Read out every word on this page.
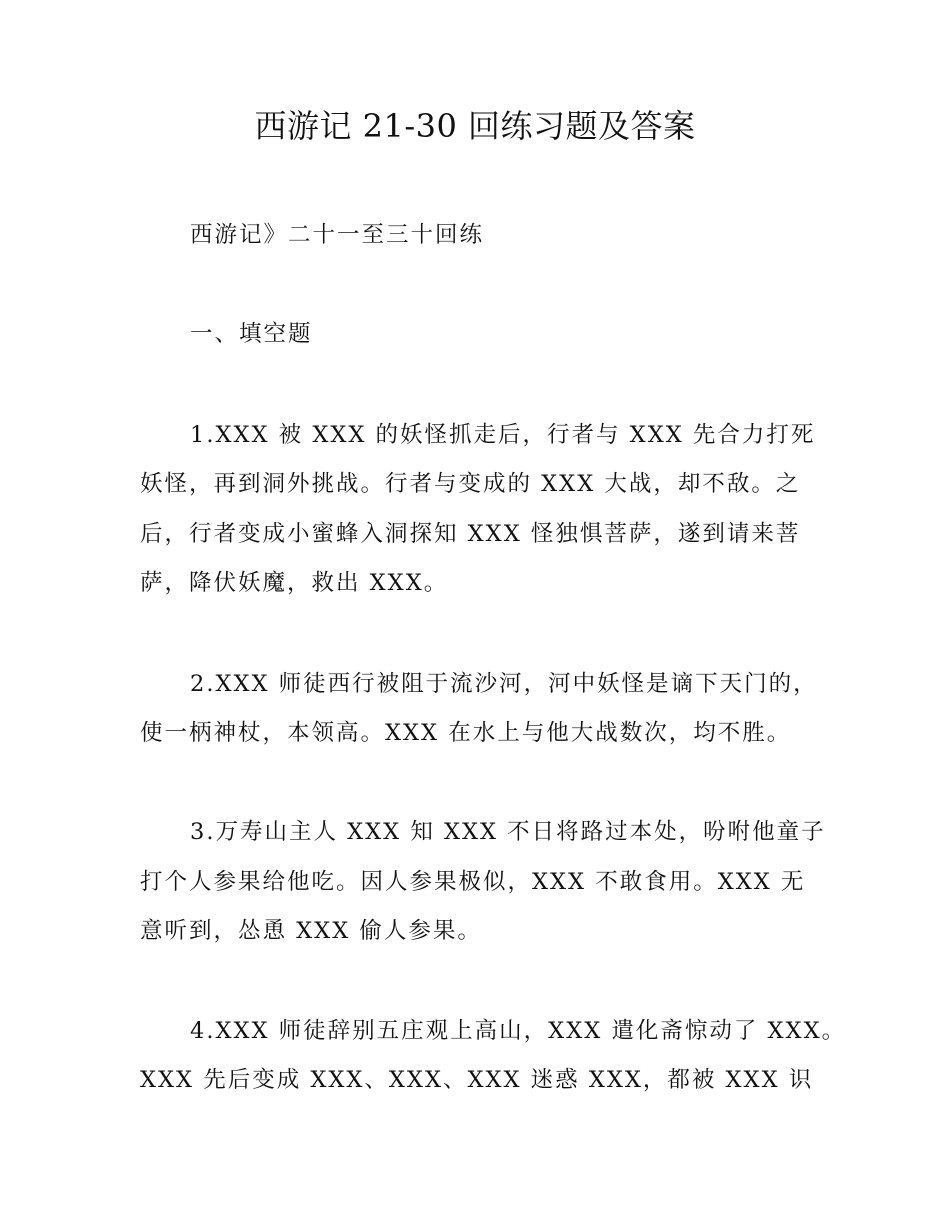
西游记 21-30 回练习题及答案
西游记》二十一至三十回练
一、填空题
1.XXX 被 XXX 的妖怪抓走后，行者与 XXX 先合力打死
妖怪，再到洞外挑战。行者与变成的 XXX 大战，却不敌。之
后，行者变成小蜜蜂入洞探知 XXX 怪独惧菩萨，遂到请来菩
萨，降伏妖魔，救出 XXX。
2.XXX 师徒西行被阻于流沙河，河中妖怪是谪下天门的，
使一柄神杖，本领高。XXX 在水上与他大战数次，均不胜。
3.万寿山主人 XXX 知 XXX 不日将路过本处，吩咐他童子
打个人参果给他吃。因人参果极似，XXX 不敢食用。XXX 无
意听到，怂恿 XXX 偷人参果。
4.XXX 师徒辞别五庄观上高山，XXX 遣化斋惊动了 XXX。
XXX 先后变成 XXX、XXX、XXX 迷惑 XXX，都被 XXX 识
